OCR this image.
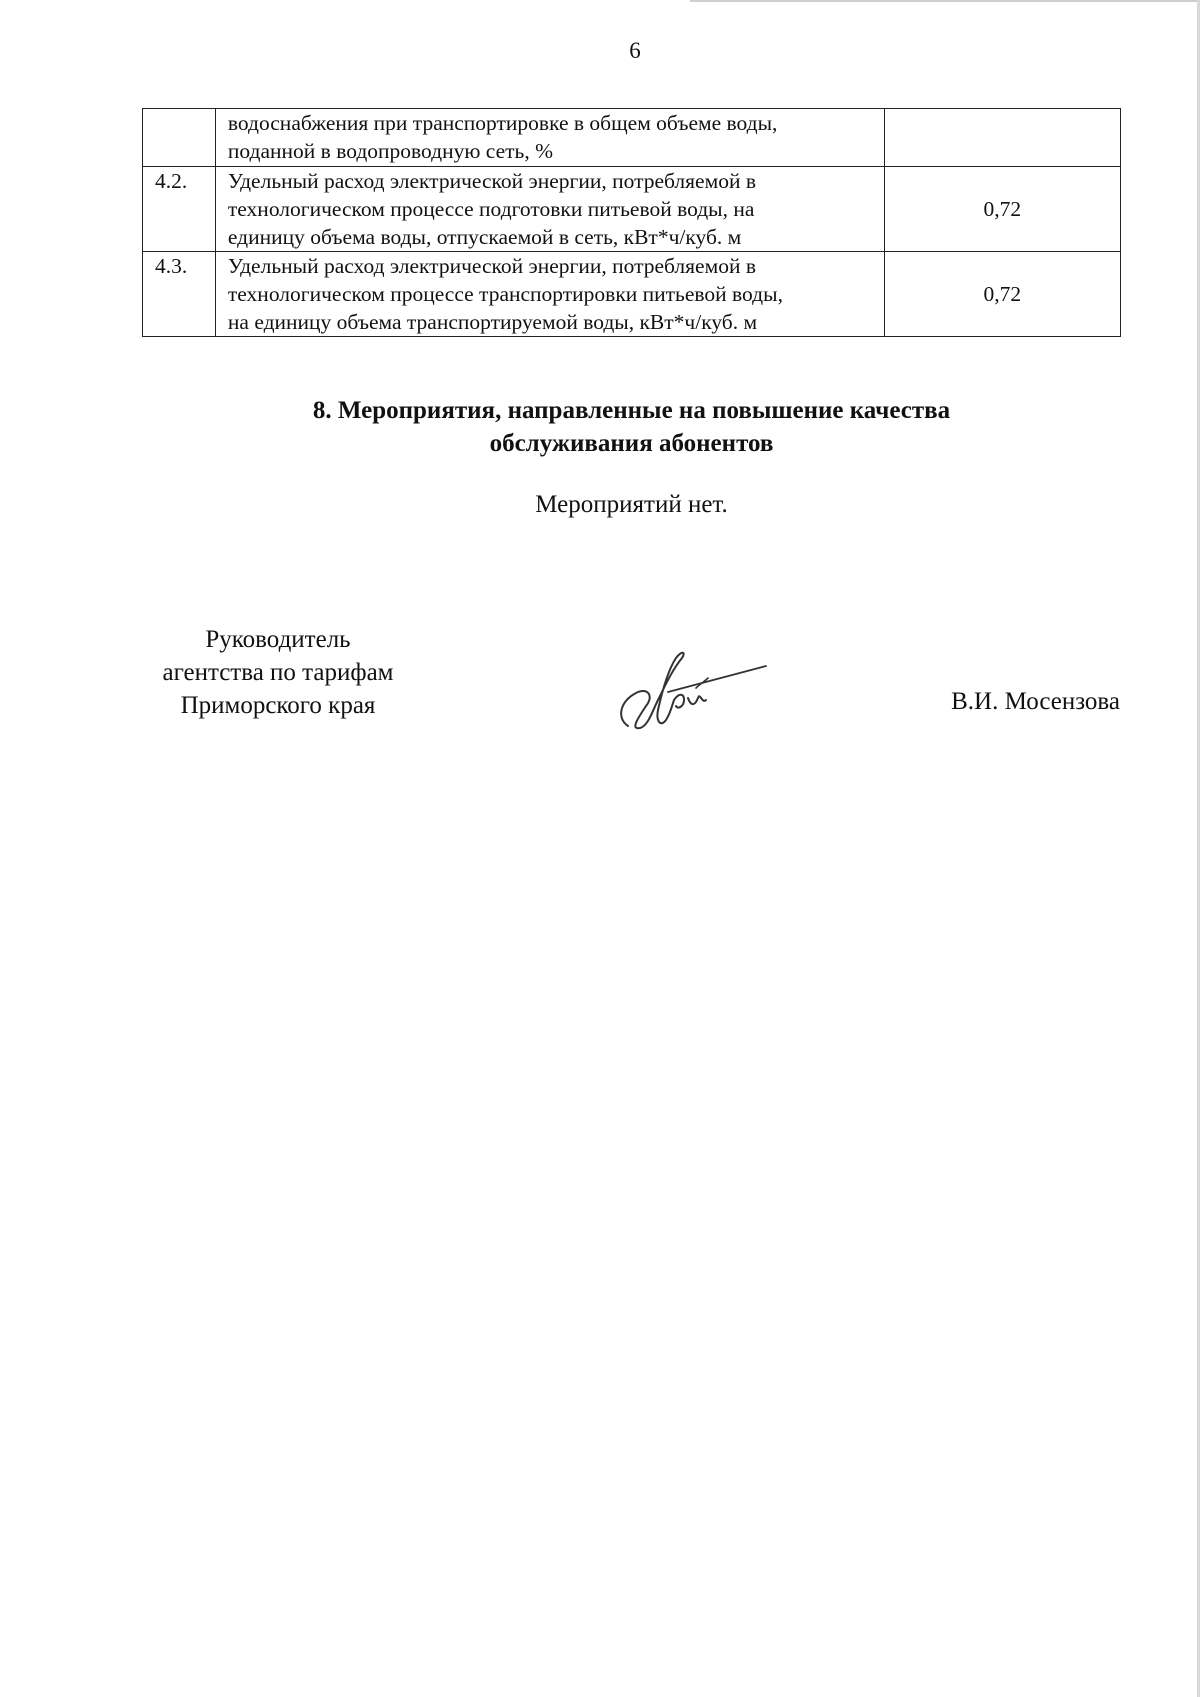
6

	водоснабжения при транспортировке в общем объеме воды,
поданной в водопроводную сеть, %	

4.2.	Удельный расход электрической энергии, потребляемой в
технологическом процессе подготовки питьевой воды, на
единицу объема воды, отпускаемой в сеть, кВт*ч/куб. м	0,72
4.3.	Удельный расход электрической энергии, потребляемой в
технологическом процессе транспортировки питьевой воды,
на единицу объема транспортируемой воды, кВт*ч/куб. м	0,72
8. Мероприятия, направленные на повышение качества
обслуживания абонентов
Мероприятий нет.
Руководитель
агентства по тарифам
Приморского края	В.И. Мосензова
